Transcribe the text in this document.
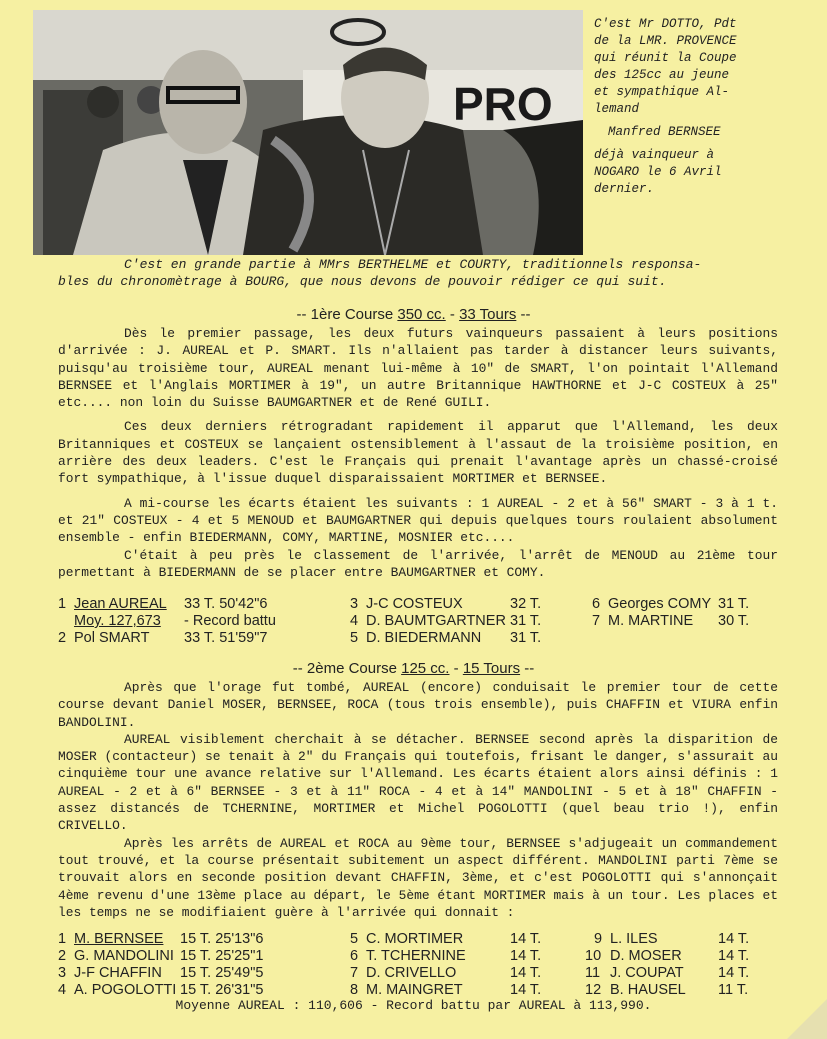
PRO

C'est Mr DOTTO, Pdt

de la LMR. PROVENCE

qui réunit la Coupe

des 125cc au jeune

et sympathique Al-

lemand

Manfred BERNSEE

déjà vainqueur à

NOGARO le 6 Avril

dernier.

C'est en grande partie à MMrs BERTHELME et COURTY, traditionnels responsa-
bles du chronomètrage à BOURG, que nous devons de pouvoir rédiger ce qui suit.
-- 1ère Course 350 cc. - 33 Tours --

Dès le premier passage, les deux futurs vainqueurs passaient à leurs positions d'arrivée : J. AUREAL et P. SMART. Ils n'allaient pas tarder à distancer leurs suivants, puisqu'au troisième tour, AUREAL menant lui-même à 10" de SMART, l'on pointait l'Allemand BERNSEE et l'Anglais MORTIMER à 19", un autre Britannique HAWTHORNE et J-C COSTEUX à 25" etc.... non loin du Suisse BAUMGARTNER et de René GUILI.

Ces deux derniers rétrogradant rapidement il apparut que l'Allemand, les deux Britanniques et COSTEUX se lançaient ostensiblement à l'assaut de la troisième position, en arrière des deux leaders. C'est le Français qui prenait l'avantage après un chassé-croisé fort sympathique, à l'issue duquel disparaissaient MORTIMER et BERNSEE.

A mi-course les écarts étaient les suivants : 1 AUREAL - 2 et à 56" SMART - 3 à 1 t. et 21" COSTEUX - 4 et 5 MENOUD et BAUMGARTNER qui depuis quelques tours roulaient absolument ensemble - enfin BIEDERMANN, COMY, MARTINE, MOSNIER etc....

C'était à peu près le classement de l'arrivée, l'arrêt de MENOUD au 21ème tour permettant à BIEDERMANN de se placer entre BAUMGARTNER et COMY.

1 Jean AUREAL 33 T. 50'42"6	3 J-C COSTEUX	32 T.	6 Georges COMY 31 T.
Moy. 127,673 - Record battu	4 D. BAUMTGARTNER 31 T.	7 M. MARTINE 30 T.
2 Pol SMART 33 T. 51'59"7	5 D. BIEDERMANN 31 T.
-- 2ème Course 125 cc. - 15 Tours --

Après que l'orage fut tombé, AUREAL (encore) conduisait le premier tour de cette course devant Daniel MOSER, BERNSEE, ROCA (tous trois ensemble), puis CHAFFIN et VIURA enfin BANDOLINI.

AUREAL visiblement cherchait à se détacher. BERNSEE second après la disparition de MOSER (contacteur) se tenait à 2" du Français qui toutefois, frisant le danger, s'assurait au cinquième tour une avance relative sur l'Allemand. Les écarts étaient alors ainsi définis : 1 AUREAL - 2 et à 6" BERNSEE - 3 et à 11" ROCA - 4 et à 14" MANDOLINI - 5 et à 18" CHAFFIN - assez distancés de TCHERNINE, MORTIMER et Michel POGOLOTTI (quel beau trio !), enfin CRIVELLO.

Après les arrêts de AUREAL et ROCA au 9ème tour, BERNSEE s'adjugeait un commandement tout trouvé, et la course présentait subitement un aspect différent. MANDOLINI parti 7ème se trouvait alors en seconde position devant CHAFFIN, 3ème, et c'est POGOLOTTI qui s'annonçait 4ème revenu d'une 13ème place au départ, le 5ème étant MORTIMER mais à un tour. Les places et les temps ne se modifiaient guère à l'arrivée qui donnait :

1 M. BERNSEE 15 T. 25'13"6	5 C. MORTIMER	14 T.	9 L. ILES	14 T.
2 G. MANDOLINI 15 T. 25'25"1	6 T. TCHERNINE	14 T.	10 D. MOSER	14 T.
3 J-F CHAFFIN 15 T. 25'49"5	7 D. CRIVELLO	14 T.	11 J. COUPAT 14 T.
4 A. POGOLOTTI 15 T. 26'31"5	8 M. MAINGRET	14 T.	12 B. HAUSEL 11 T.
Moyenne AUREAL : 110,606 - Record battu par AUREAL à 113,990.
